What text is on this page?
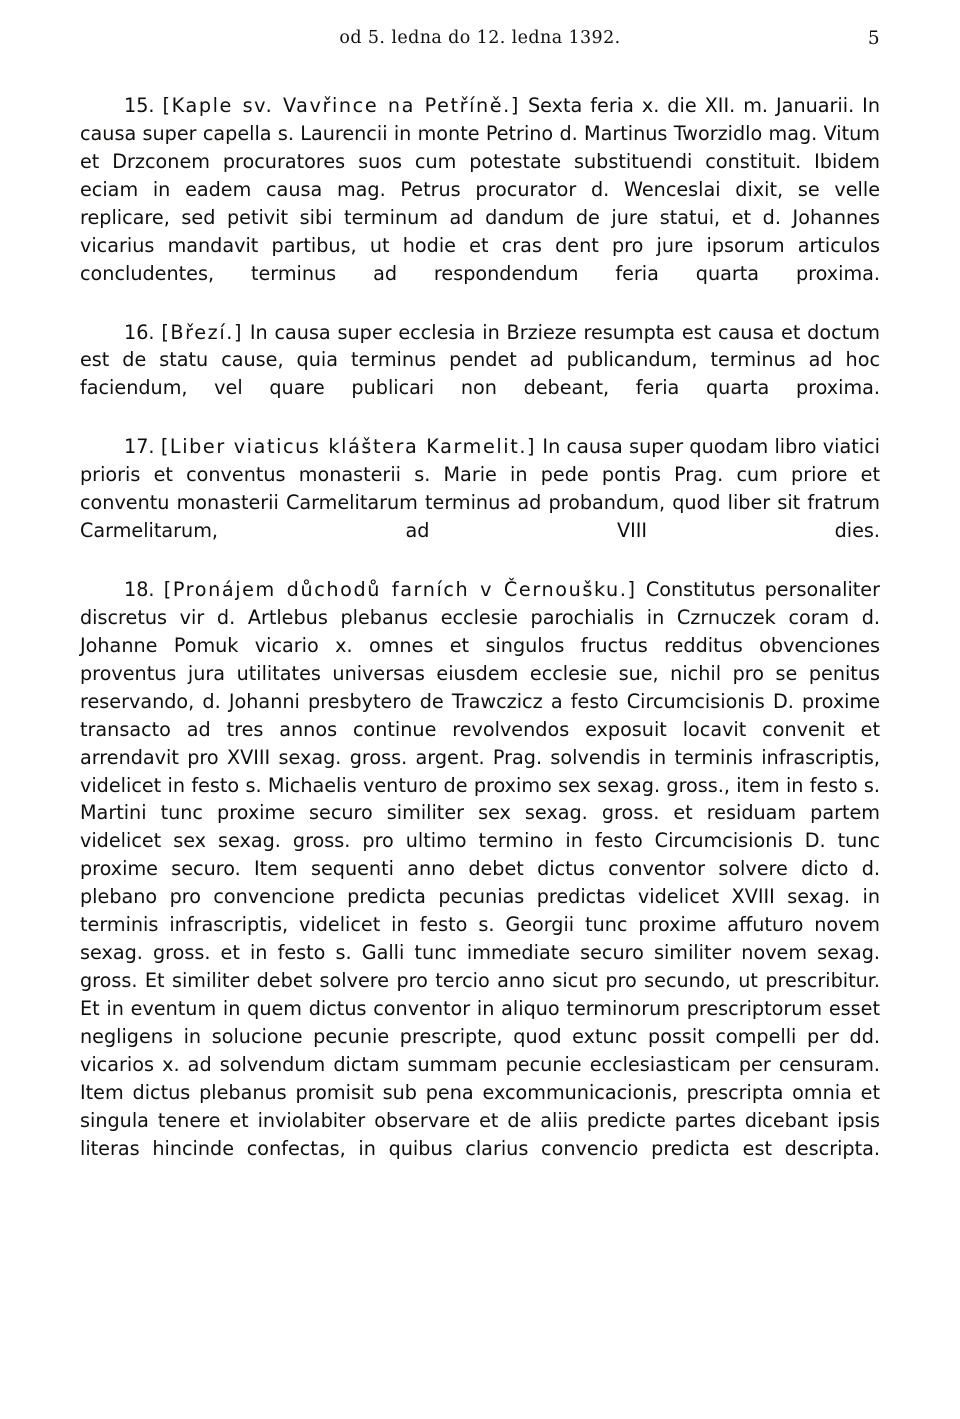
od 5. ledna do 12. ledna 1392.	5

15. [Kaple sv. Vavřince na Petříně.] Sexta feria x. die XII. m. Januarii. In causa super capella s. Laurencii in monte Petrino d. Martinus Tworzidlo mag. Vitum et Drzconem procuratores suos cum potestate substituendi constituit. Ibidem eciam in eadem causa mag. Petrus procurator d. Wenceslai dixit, se velle replicare, sed petivit sibi terminum ad dandum de jure statui, et d. Johannes vicarius mandavit partibus, ut hodie et cras dent pro jure ipsorum articulos concludentes, terminus ad respondendum feria quarta proxima.

16. [Březí.] In causa super ecclesia in Brzieze resumpta est causa et doctum est de statu cause, quia terminus pendet ad publicandum, terminus ad hoc faciendum, vel quare publicari non debeant, feria quarta proxima.

17. [Liber viaticus kláštera Karmelit.] In causa super quodam libro viatici prioris et conventus monasterii s. Marie in pede pontis Prag. cum priore et conventu monasterii Carmelitarum terminus ad probandum, quod liber sit fratrum Carmelitarum, ad VIII dies.

18. [Pronájem důchodů farních v Černoušku.] Constitutus personaliter discretus vir d. Artlebus plebanus ecclesie parochialis in Czrnuczek coram d. Johanne Pomuk vicario x. omnes et singulos fructus redditus obvenciones proventus jura utilitates universas eiusdem ecclesie sue, nichil pro se penitus reservando, d. Johanni presbytero de Trawczicz a festo Circumcisionis D. proxime transacto ad tres annos continue revolvendos exposuit locavit convenit et arrendavit pro XVIII sexag. gross. argent. Prag. solvendis in terminis infrascriptis, videlicet in festo s. Michaelis venturo de proximo sex sexag. gross., item in festo s. Martini tunc proxime securo similiter sex sexag. gross. et residuam partem videlicet sex sexag. gross. pro ultimo termino in festo Circumcisionis D. tunc proxime securo. Item sequenti anno debet dictus conventor solvere dicto d. plebano pro convencione predicta pecunias predictas videlicet XVIII sexag. in terminis infrascriptis, videlicet in festo s. Georgii tunc proxime affuturo novem sexag. gross. et in festo s. Galli tunc immediate securo similiter novem sexag. gross. Et similiter debet solvere pro tercio anno sicut pro secundo, ut prescribitur. Et in eventum in quem dictus conventor in aliquo terminorum prescriptorum esset negligens in solucione pecunie prescripte, quod extunc possit compelli per dd. vicarios x. ad solvendum dictam summam pecunie ecclesiasticam per censuram. Item dictus plebanus promisit sub pena excommunicacionis, prescripta omnia et singula tenere et inviolabiter observare et de aliis predicte partes dicebant ipsis literas hincinde confectas, in quibus clarius convencio predicta est descripta.
